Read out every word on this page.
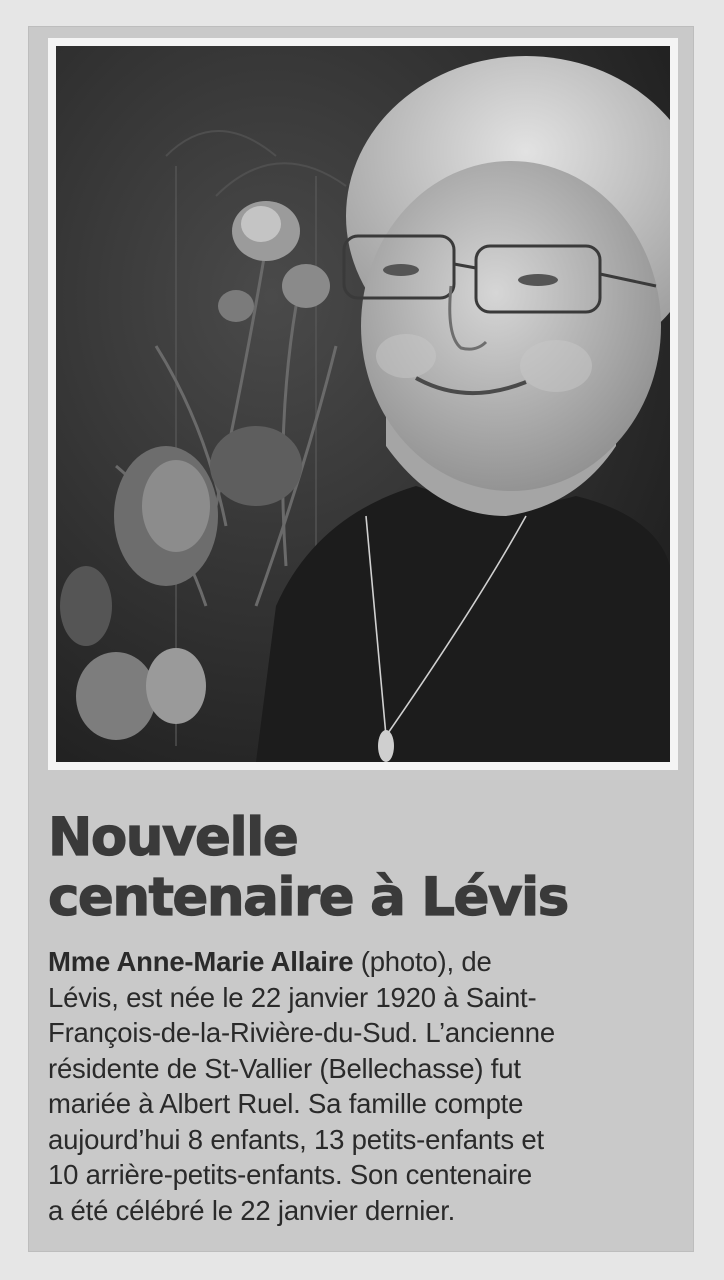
Nouvelle
centenaire à Lévis

Mme Anne-Marie Allaire (photo), de
Lévis, est née le 22 janvier 1920 à Saint-
François-de-la-Rivière-du-Sud. L’ancienne
résidente de St-Vallier (Bellechasse) fut
mariée à Albert Ruel. Sa famille compte
aujourd’hui 8 enfants, 13 petits-enfants et
10 arrière-petits-enfants. Son centenaire
a été célébré le 22 janvier dernier.
